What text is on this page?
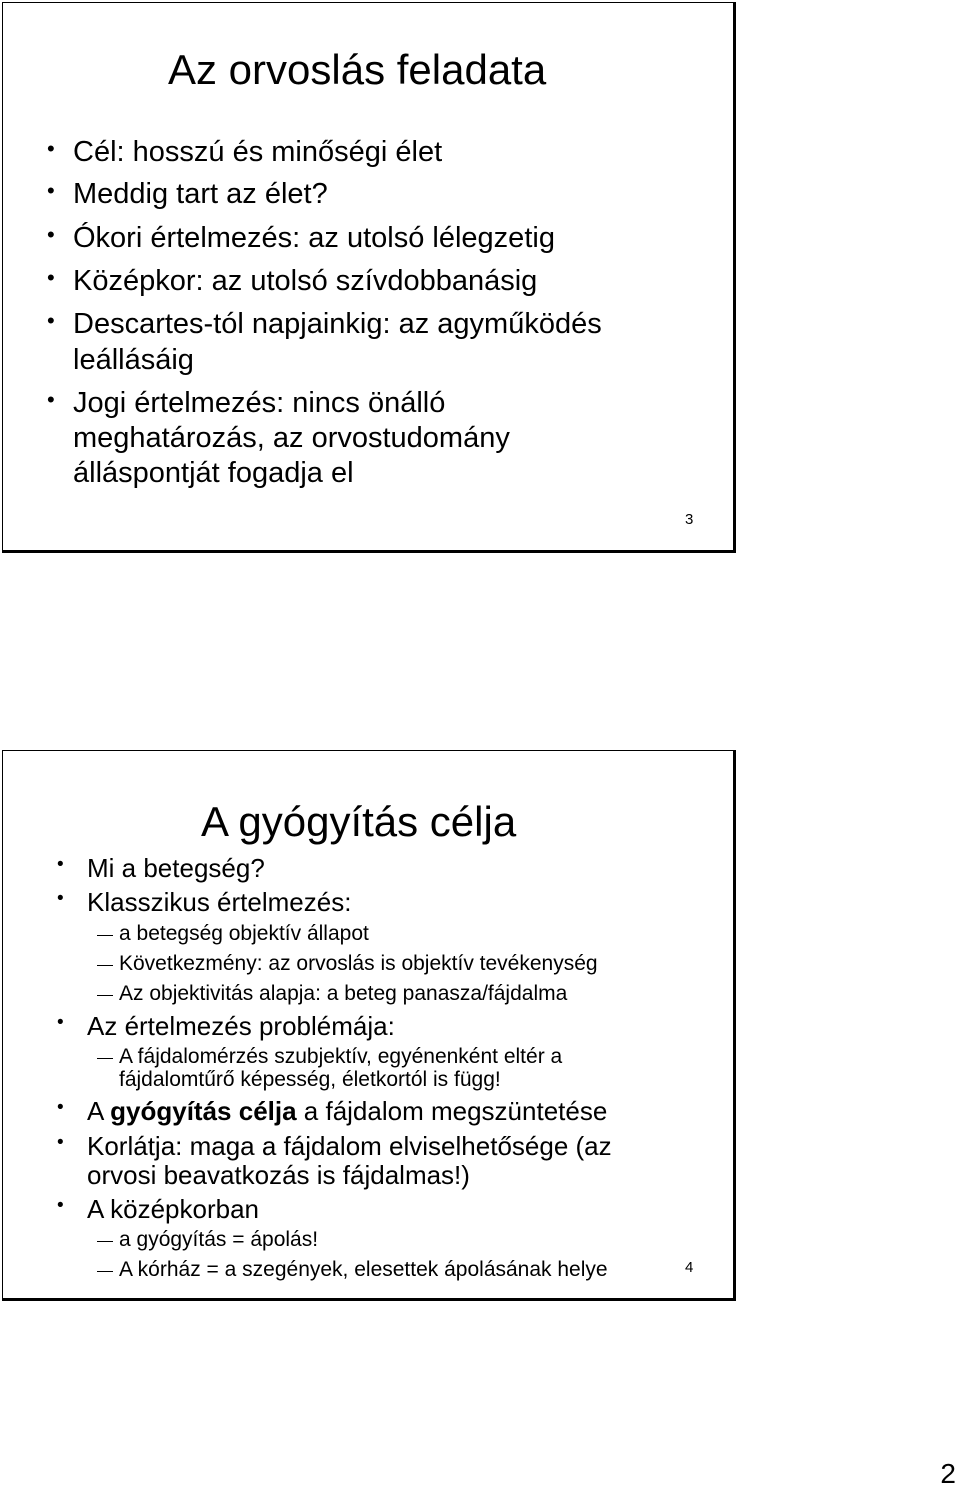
Az orvoslás feladata
• Cél: hosszú és minőségi élet
• Meddig tart az élet?
• Ókori értelmezés: az utolsó lélegzetig
• Középkor: az utolsó szívdobbanásig
• Descartes-tól napjainkig: az agyműködés
leállásáig
• Jogi értelmezés: nincs önálló
meghatározás, az orvostudomány
álláspontját fogadja el
3
A gyógyítás célja
• Mi a betegség?
• Klasszikus értelmezés:
a betegség objektív állapot
Következmény: az orvoslás is objektív tevékenység
Az objektivitás alapja: a beteg panasza/fájdalma
• Az értelmezés problémája:
A fájdalomérzés szubjektív, egyénenként eltér a
fájdalomtűrő képesség, életkortól is függ!
• A gyógyítás célja a fájdalom megszüntetése
• Korlátja: maga a fájdalom elviselhetősége (az
orvosi beavatkozás is fájdalmas!)
• A középkorban
a gyógyítás = ápolás!
A kórház = a szegények, elesettek ápolásának helye	4
2
